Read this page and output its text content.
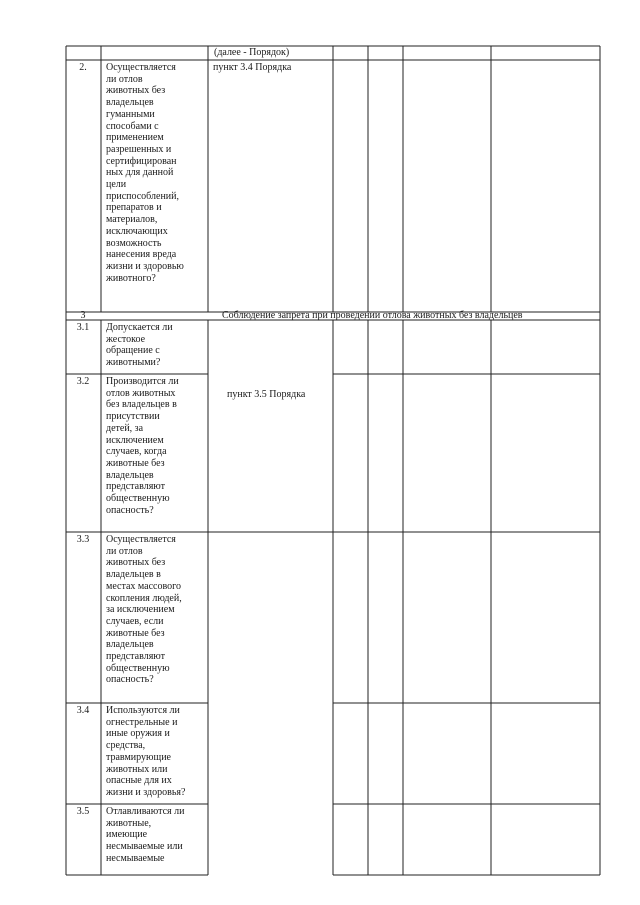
(далее - Порядок)
2.	Осуществляется
ли отлов
животных без
владельцев
гуманными
способами с
применением
разрешенных и
сертифицирован
ных для данной
цели
приспособлений,
препаратов и
материалов,
исключающих
возможность
нанесения вреда
жизни и здоровью
животного?
пункт 3.4 Порядка
3	Соблюдение запрета при проведении отлова животных без владельцев
3.1	Допускается ли
жестокое
обращение с
животными?
3.2	Производится ли
отлов животных
без владельцев в
присутствии
детей, за
исключением
случаев, когда
животные без
владельцев
представляют
общественную
опасность?
пункт 3.5 Порядка
3.3	Осуществляется
ли отлов
животных без
владельцев в
местах массового
скопления людей,
за исключением
случаев, если
животные без
владельцев
представляют
общественную
опасность?
3.4	Используются ли
огнестрельные и
иные оружия и
средства,
травмирующие
животных или
опасные для их
жизни и здоровья?
3.5	Отлавливаются ли
животные,
имеющие
несмываемые или
несмываемые
